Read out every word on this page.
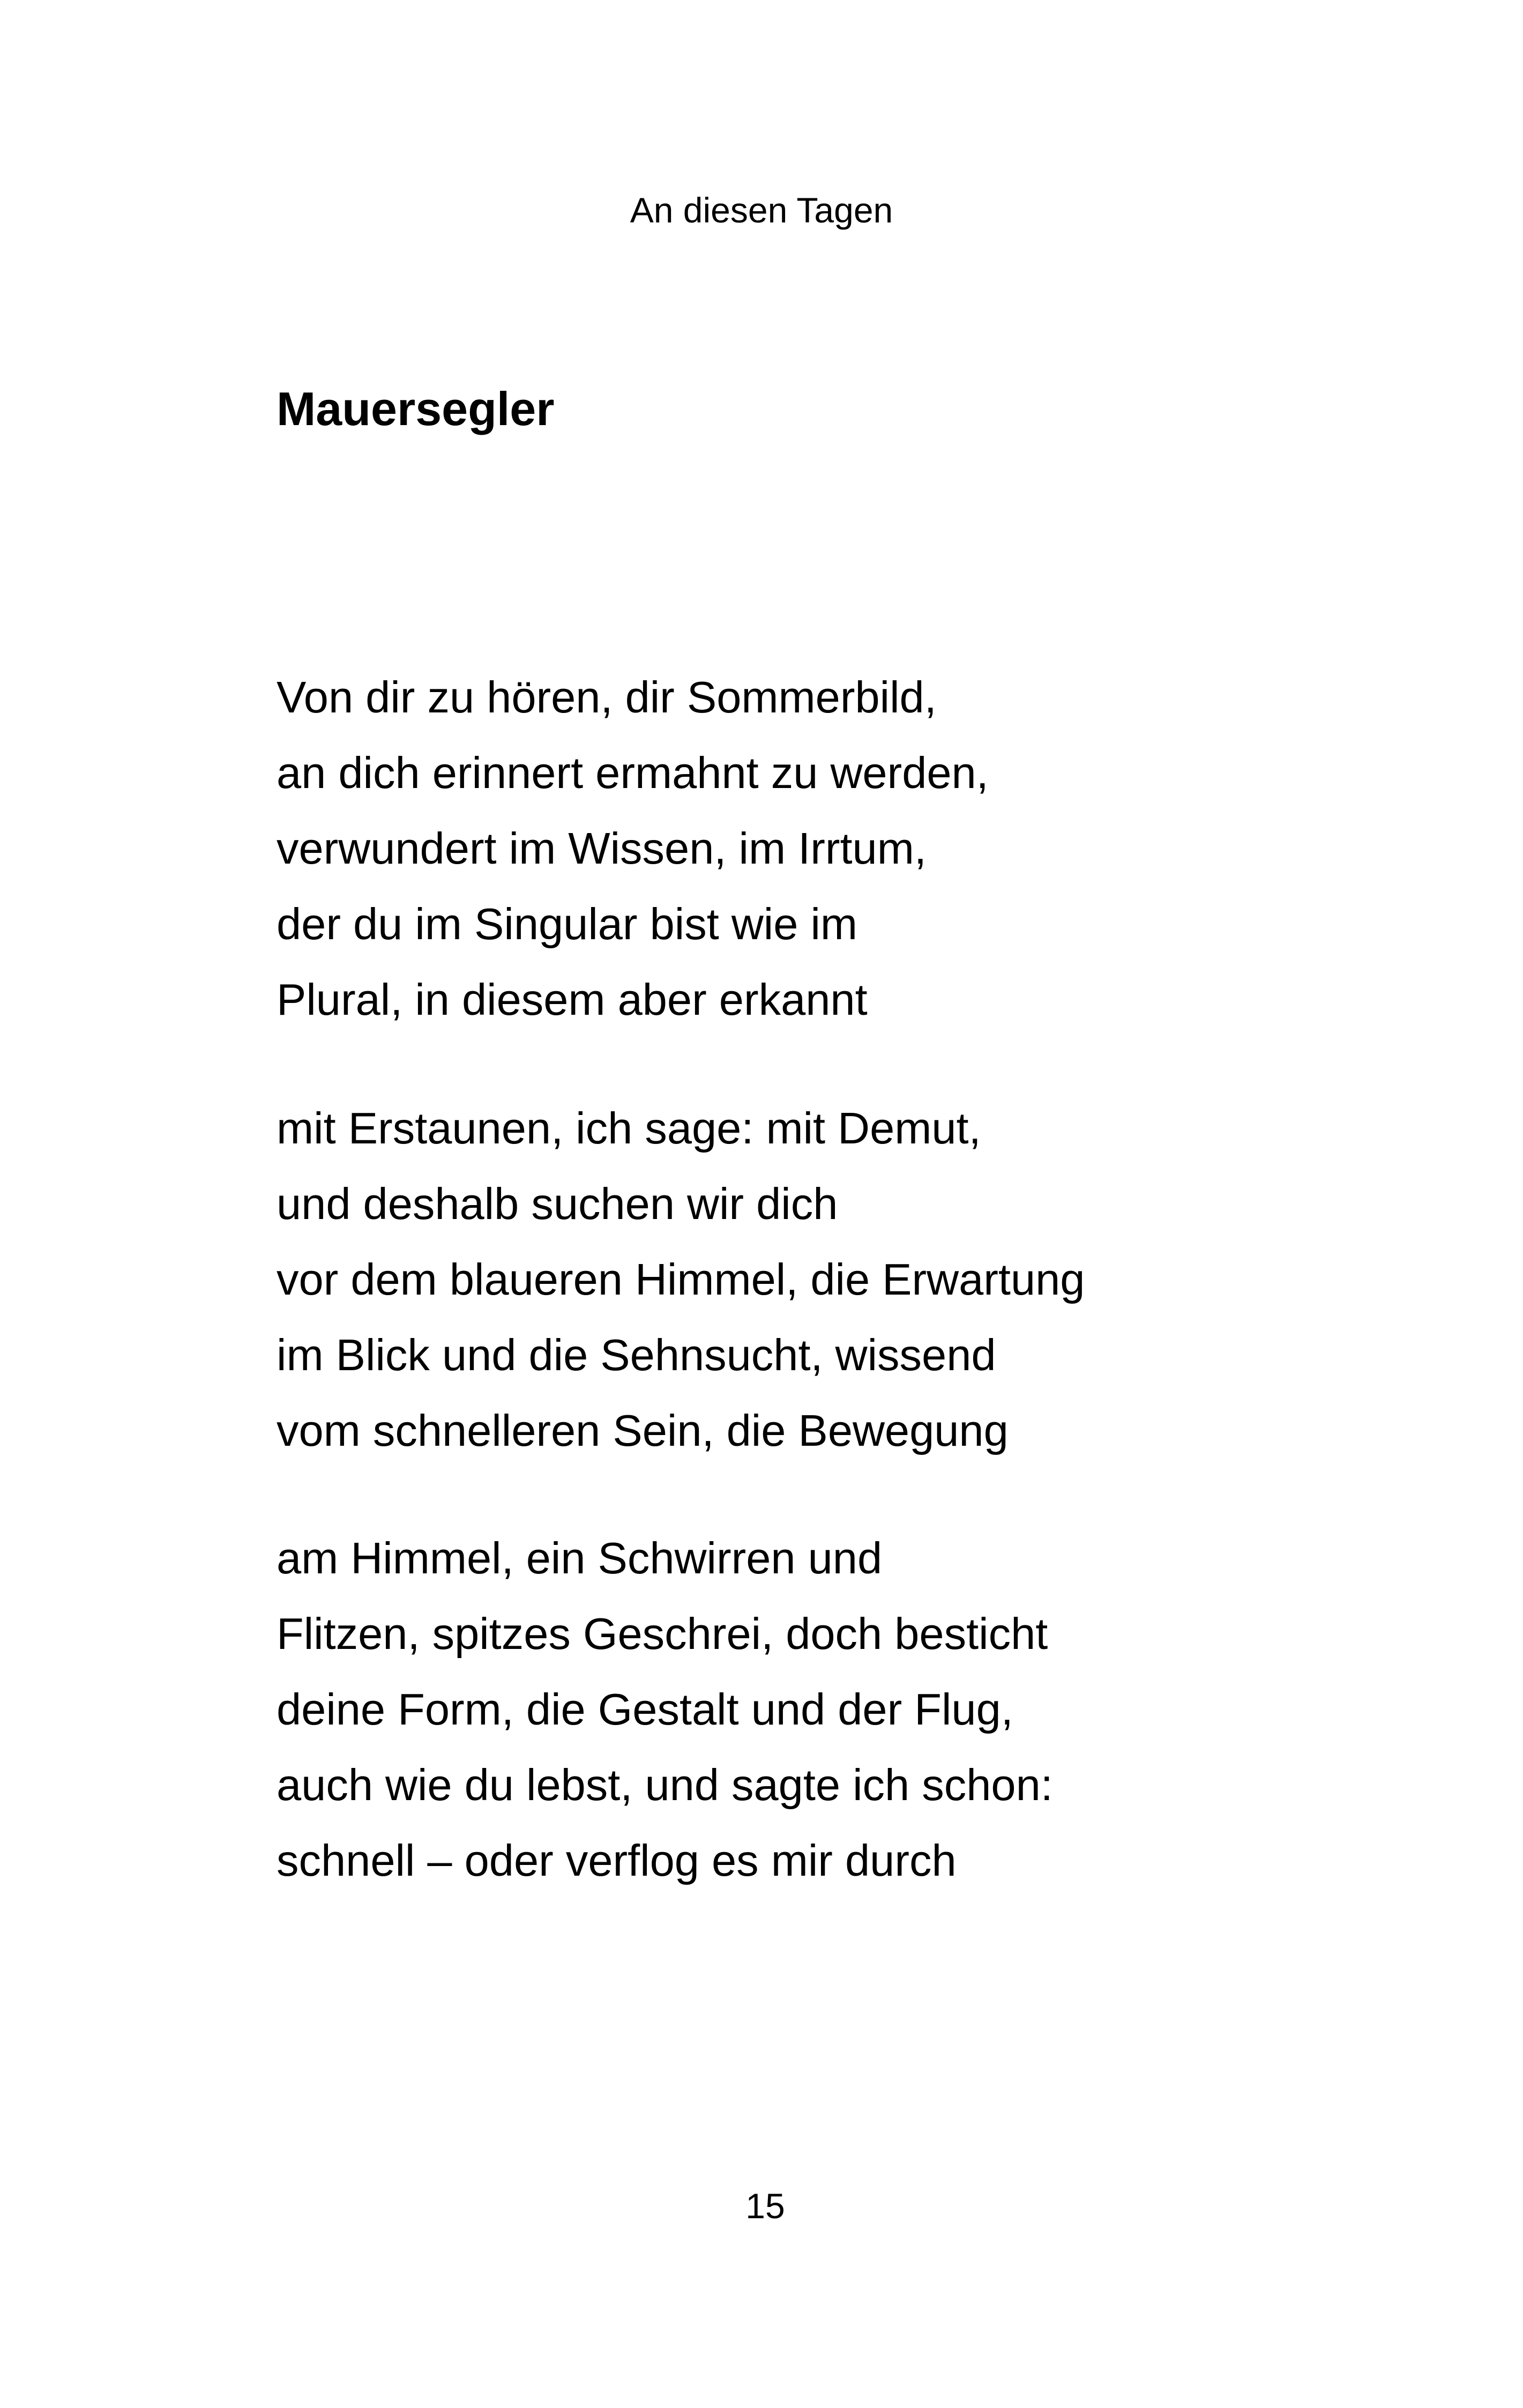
An diesen Tagen
Mauersegler
Von dir zu hören, dir Sommerbild,
an dich erinnert ermahnt zu werden,
verwundert im Wissen, im Irrtum,
der du im Singular bist wie im
Plural, in diesem aber erkannt
mit Erstaunen, ich sage: mit Demut,
und deshalb suchen wir dich
vor dem blaueren Himmel, die Erwartung
im Blick und die Sehnsucht, wissend
vom schnelleren Sein, die Bewegung
am Himmel, ein Schwirren und
Flitzen, spitzes Geschrei, doch besticht
deine Form, die Gestalt und der Flug,
auch wie du lebst, und sagte ich schon:
schnell – oder verflog es mir durch
15
